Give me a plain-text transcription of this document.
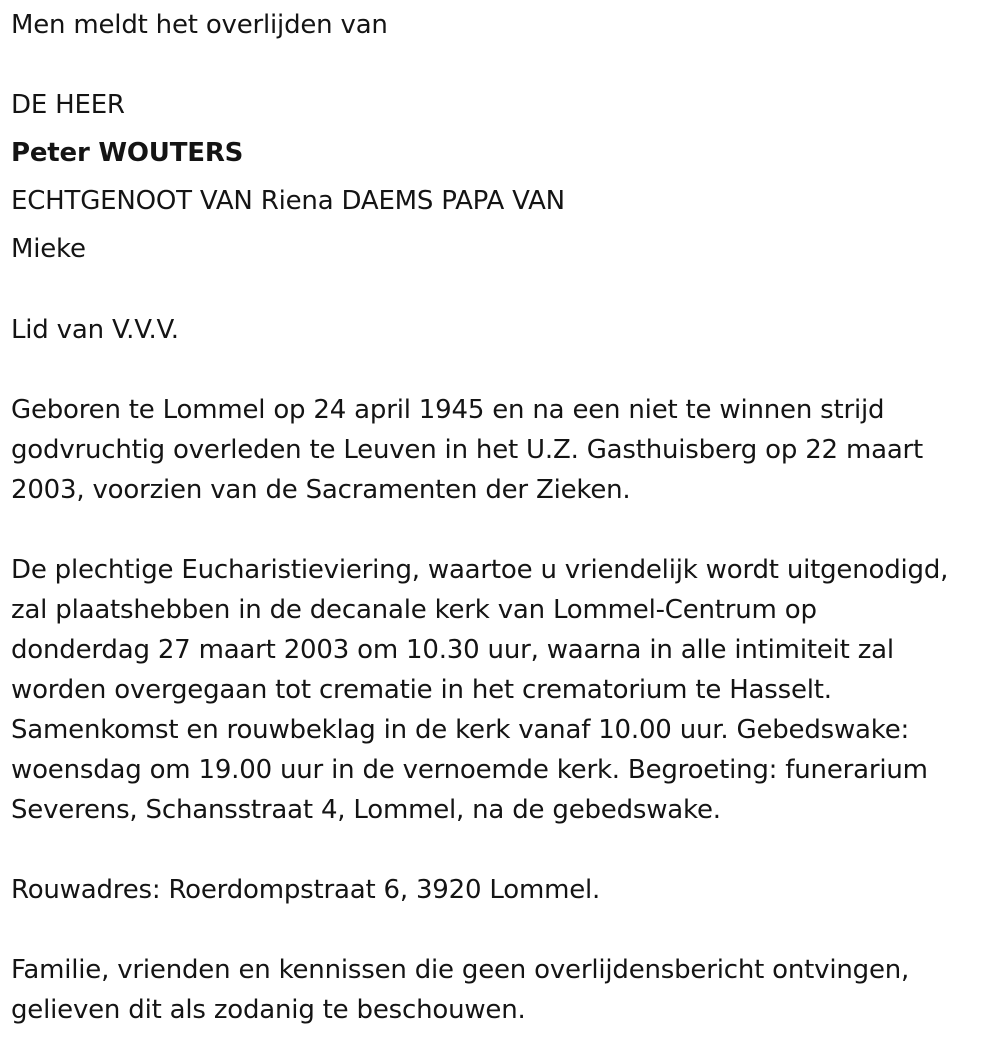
Men meldt het overlijden van
DE HEER
Peter WOUTERS
ECHTGENOOT VAN Riena DAEMS PAPA VAN
Mieke
Lid van V.V.V.
Geboren te Lommel op 24 april 1945 en na een niet te winnen strijd
godvruchtig overleden te Leuven in het U.Z. Gasthuisberg op 22 maart
2003, voorzien van de Sacramenten der Zieken.
De plechtige Eucharistieviering, waartoe u vriendelijk wordt uitgenodigd,
zal plaatshebben in de decanale kerk van Lommel-Centrum op
donderdag 27 maart 2003 om 10.30 uur, waarna in alle intimiteit zal
worden overgegaan tot crematie in het crematorium te Hasselt.
Samenkomst en rouwbeklag in de kerk vanaf 10.00 uur. Gebedswake:
woensdag om 19.00 uur in de vernoemde kerk. Begroeting: funerarium
Severens, Schansstraat 4, Lommel, na de gebedswake.
Rouwadres: Roerdompstraat 6, 3920 Lommel.
Familie, vrienden en kennissen die geen overlijdensbericht ontvingen,
gelieven dit als zodanig te beschouwen.
